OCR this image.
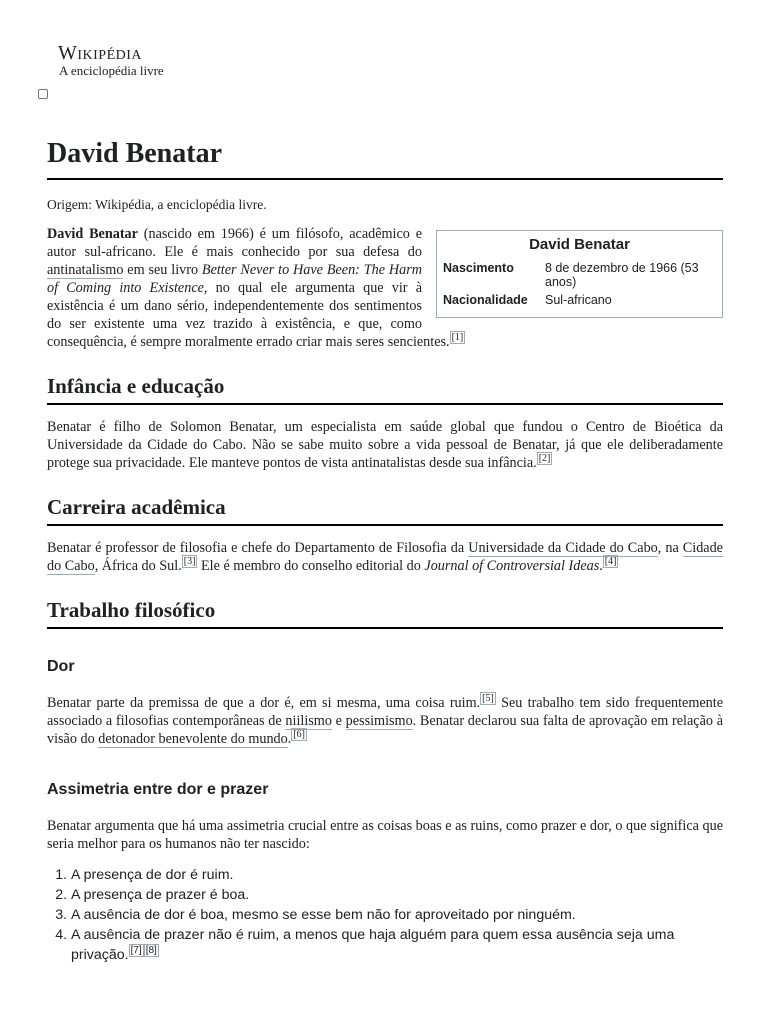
Wikipédia
A enciclopédia livre
David Benatar
Origem: Wikipédia, a enciclopédia livre.
David Benatar
Nascimento	8 de dezembro de 1966 (53 anos)
Nacionalidade	Sul-africano

David Benatar (nascido em 1966) é um filósofo, acadêmico e autor sul-africano. Ele é mais conhecido por sua defesa do antinatalismo em seu livro Better Never to Have Been: The Harm of Coming into Existence, no qual ele argumenta que vir à existência é um dano sério, independentemente dos sentimentos do ser existente uma vez trazido à existência, e que, como consequência, é sempre moralmente errado criar mais seres sencientes. [1]

Infância e educação

Benatar é filho de Solomon Benatar, um especialista em saúde global que fundou o Centro de Bioética da Universidade da Cidade do Cabo. Não se sabe muito sobre a vida pessoal de Benatar, já que ele deliberadamente protege sua privacidade. Ele manteve pontos de vista antinatalistas desde sua infância. [2]

Carreira acadêmica

Benatar é professor de filosofia e chefe do Departamento de Filosofia da Universidade da Cidade do Cabo, na Cidade do Cabo, África do Sul. [3] Ele é membro do conselho editorial do Journal of Controversial Ideas. [4]

Trabalho filosófico
Dor

Benatar parte da premissa de que a dor é, em si mesma, uma coisa ruim. [5] Seu trabalho tem sido frequentemente associado a filosofias contemporâneas de niilismo e pessimismo. Benatar declarou sua falta de aprovação em relação à visão do detonador benevolente do mundo. [6]

Assimetria entre dor e prazer

Benatar argumenta que há uma assimetria crucial entre as coisas boas e as ruins, como prazer e dor, o que significa que seria melhor para os humanos não ter nascido:

1. A presença de dor é ruim.
2. A presença de prazer é boa.
3. A ausência de dor é boa, mesmo se esse bem não for aproveitado por ninguém.
4. A ausência de prazer não é ruim, a menos que haja alguém para quem essa ausência seja uma privação. [7] [8]
